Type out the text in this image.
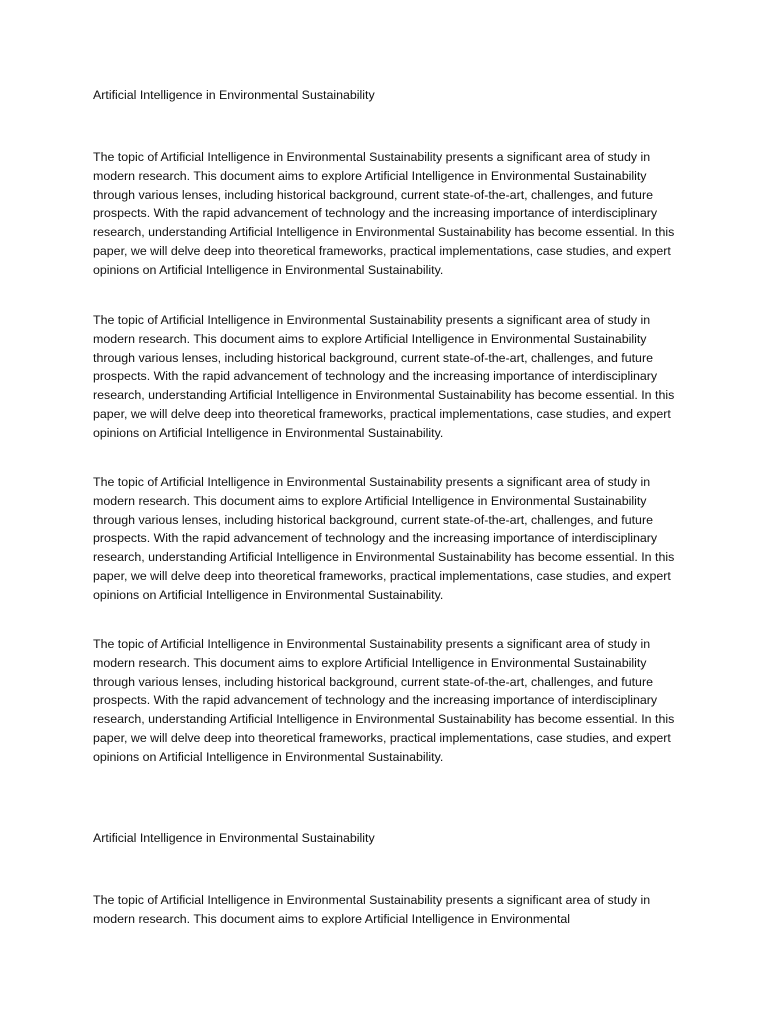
Artificial Intelligence in Environmental Sustainability

The topic of Artificial Intelligence in Environmental Sustainability presents a significant area of study in modern research. This document aims to explore Artificial Intelligence in Environmental Sustainability through various lenses, including historical background, current state-of-the-art, challenges, and future prospects. With the rapid advancement of technology and the increasing importance of interdisciplinary research, understanding Artificial Intelligence in Environmental Sustainability has become essential. In this paper, we will delve deep into theoretical frameworks, practical implementations, case studies, and expert opinions on Artificial Intelligence in Environmental Sustainability.

The topic of Artificial Intelligence in Environmental Sustainability presents a significant area of study in modern research. This document aims to explore Artificial Intelligence in Environmental Sustainability through various lenses, including historical background, current state-of-the-art, challenges, and future prospects. With the rapid advancement of technology and the increasing importance of interdisciplinary research, understanding Artificial Intelligence in Environmental Sustainability has become essential. In this paper, we will delve deep into theoretical frameworks, practical implementations, case studies, and expert opinions on Artificial Intelligence in Environmental Sustainability.

The topic of Artificial Intelligence in Environmental Sustainability presents a significant area of study in modern research. This document aims to explore Artificial Intelligence in Environmental Sustainability through various lenses, including historical background, current state-of-the-art, challenges, and future prospects. With the rapid advancement of technology and the increasing importance of interdisciplinary research, understanding Artificial Intelligence in Environmental Sustainability has become essential. In this paper, we will delve deep into theoretical frameworks, practical implementations, case studies, and expert opinions on Artificial Intelligence in Environmental Sustainability.

The topic of Artificial Intelligence in Environmental Sustainability presents a significant area of study in modern research. This document aims to explore Artificial Intelligence in Environmental Sustainability through various lenses, including historical background, current state-of-the-art, challenges, and future prospects. With the rapid advancement of technology and the increasing importance of interdisciplinary research, understanding Artificial Intelligence in Environmental Sustainability has become essential. In this paper, we will delve deep into theoretical frameworks, practical implementations, case studies, and expert opinions on Artificial Intelligence in Environmental Sustainability.

Artificial Intelligence in Environmental Sustainability

The topic of Artificial Intelligence in Environmental Sustainability presents a significant area of study in modern research. This document aims to explore Artificial Intelligence in Environmental
